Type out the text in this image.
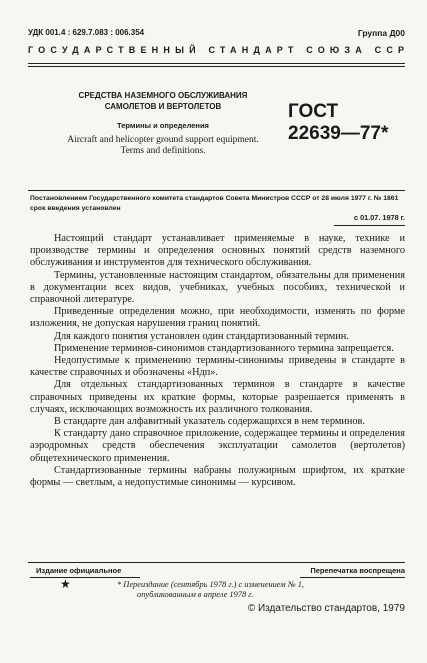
УДК 001.4 : 629.7.083 : 006.354	Группа Д00
ГОСУДАРСТВЕННЫЙ СТАНДАРТ СОЮЗА ССР
СРЕДСТВА НАЗЕМНОГО ОБСЛУЖИВАНИЯ
САМОЛЕТОВ И ВЕРТОЛЕТОВ
Термины и определения
Aircraft and helicopter ground support equipment.
Terms and definitions.
ГОСТ
22639—77*
Постановлением Государственного комитета стандартов Совета Министров СССР от 28 июля 1977 г. № 1861 срок введения установлен
с 01.07. 1978 г.

Настоящий стандарт устанавливает применяемые в науке, технике и производстве термины и определения основных понятий средств наземного обслуживания и инструментов для технического обслуживания.

Термины, установленные настоящим стандартом, обязательны для применения в документации всех видов, учебниках, учебных пособиях, технической и справочной литературе.

Приведенные определения можно, при необходимости, изменять по форме изложения, не допуская нарушения границ понятий.

Для каждого понятия установлен один стандартизованный термин.

Применение терминов-синонимов стандартизованного термина запрещается.

Недопустимые к применению термины-синонимы приведены в стандарте в качестве справочных и обозначены «Ндп».

Для отдельных стандартизованных терминов в стандарте в качестве справочных приведены их краткие формы, которые разрешается применять в случаях, исключающих возможность их различного толкования.

В стандарте дан алфавитный указатель содержащихся в нем терминов.

К стандарту дано справочное приложение, содержащее термины и определения аэродромных средств обеспечения эксплуатации самолетов (вертолетов) общетехнического применения.

Стандартизованные термины набраны полужирным шрифтом, их краткие формы — светлым, а недопустимые синонимы — курсивом.

Издание официальное	Перепечатка воспрещена
★	* Переиздание (сентябрь 1978 г.) с изменением № 1,
опубликованным в апреле 1978 г.
© Издательство стандартов, 1979
